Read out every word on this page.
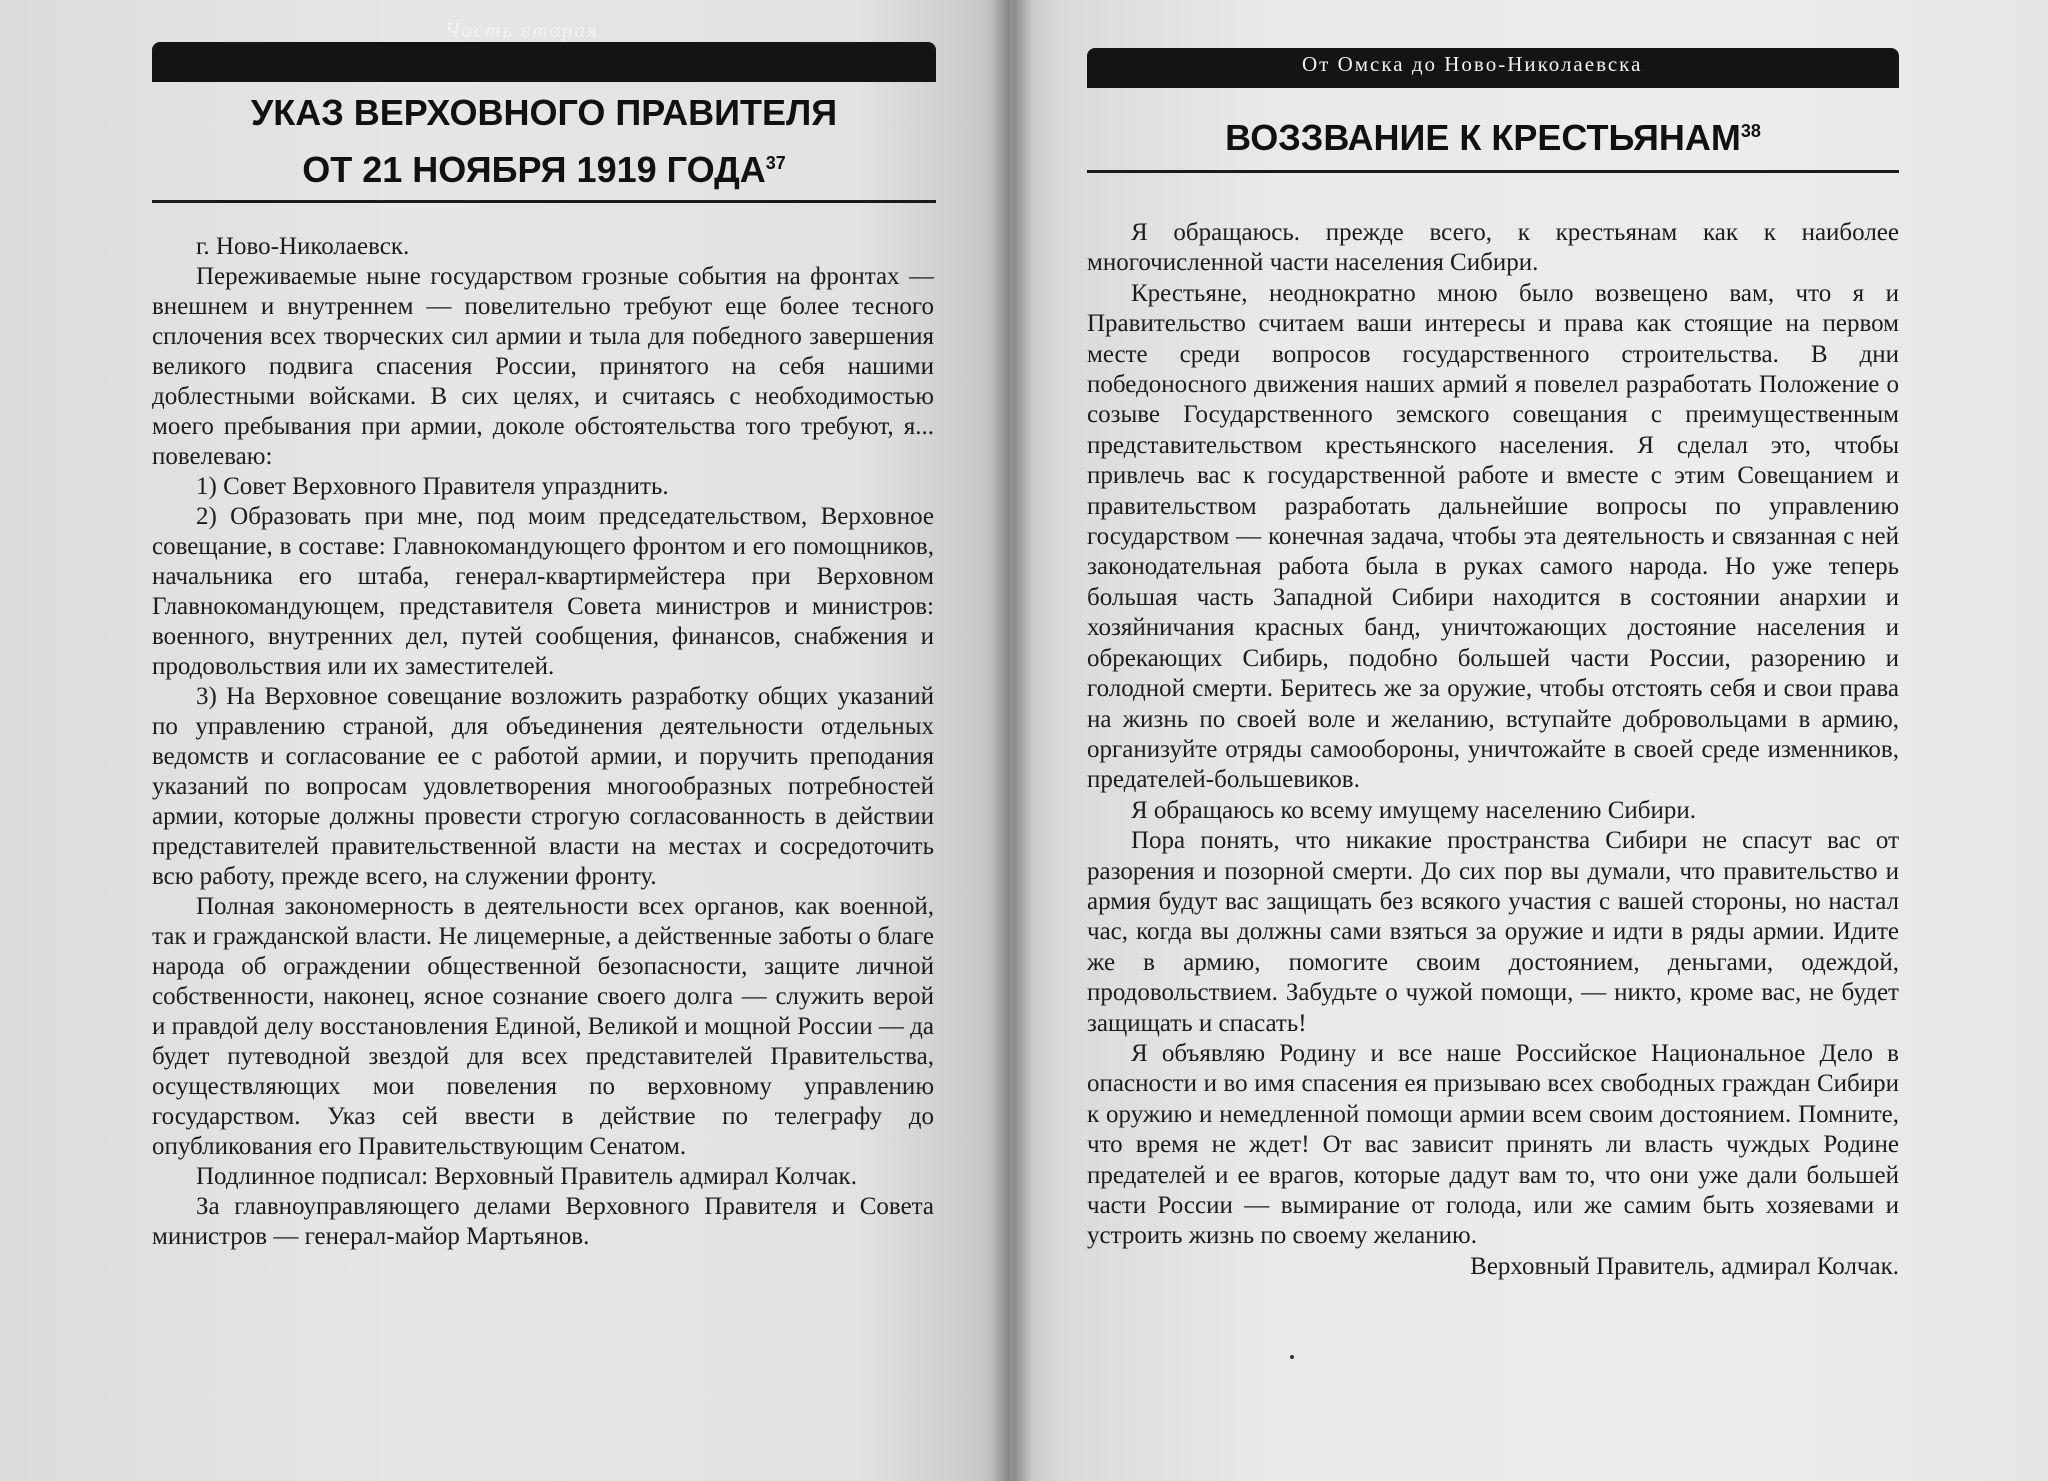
Часть вторая
УКАЗ ВЕРХОВНОГО ПРАВИТЕЛЯ
ОТ 21 НОЯБРЯ 1919 ГОДА$^{37}$

г. Ново-Николаевск.

Переживаемые ныне государством грозные события на фронтах — внешнем и внутреннем — повелительно требуют еще более тесного сплочения всех творческих сил армии и тыла для победного завершения великого подвига спасения России, принятого на себя нашими доблестными войсками. В сих целях, и считаясь с необходимостью моего пребывания при армии, доколе обстоятельства того требуют, я... повелеваю:

1) Совет Верховного Правителя упразднить.

2) Образовать при мне, под моим председательством, Верховное совещание, в составе: Главнокомандующего фронтом и его помощников, начальника его штаба, генерал-квартирмейстера при Верховном Главнокомандующем, представителя Совета министров и министров: военного, внутренних дел, путей сообщения, финансов, снабжения и продовольствия или их заместителей.

3) На Верховное совещание возложить разработку общих указаний по управлению страной, для объединения деятельности отдельных ведомств и согласование ее с работой армии, и поручить преподания указаний по вопросам удовлетворения многообразных потребностей армии, которые должны провести строгую согласованность в действии представителей правительственной власти на местах и сосредоточить всю работу, прежде всего, на служении фронту.

Полная закономерность в деятельности всех органов, как военной, так и гражданской власти. Не лицемерные, а действенные заботы о благе народа об ограждении общественной безопасности, защите личной собственности, наконец, ясное сознание своего долга — служить верой и правдой делу восстановления Единой, Великой и мощной России — да будет путеводной звездой для всех представителей Правительства, осуществляющих мои повеления по верховному управлению государством. Указ сей ввести в действие по телеграфу до опубликования его Правительствующим Сенатом.

Подлинное подписал: Верховный Правитель адмирал Колчак.

За главноуправляющего делами Верховного Правителя и Совета министров — генерал-майор Мартьянов.

От Омска до Ново-Николаевска
ВОЗЗВАНИЕ К КРЕСТЬЯНАМ$^{38}$

Я обращаюсь. прежде всего, к крестьянам как к наиболее многочисленной части населения Сибири.

Крестьяне, неоднократно мною было возвещено вам, что я и Правительство считаем ваши интересы и права как стоящие на первом месте среди вопросов государственного строительства. В дни победоносного движения наших армий я повелел разработать Положение о созыве Государственного земского совещания с преимущественным представительством крестьянского населения. Я сделал это, чтобы привлечь вас к государственной работе и вместе с этим Совещанием и правительством разработать дальнейшие вопросы по управлению государством — конечная задача, чтобы эта деятельность и связанная с ней законодательная работа была в руках самого народа. Но уже теперь большая часть Западной Сибири находится в состоянии анархии и хозяйничания красных банд, уничтожающих достояние населения и обрекающих Сибирь, подобно большей части России, разорению и голодной смерти. Беритесь же за оружие, чтобы отстоять себя и свои права на жизнь по своей воле и желанию, вступайте добровольцами в армию, организуйте отряды самообороны, уничтожайте в своей среде изменников, предателей-большевиков.

Я обращаюсь ко всему имущему населению Сибири.

Пора понять, что никакие пространства Сибири не спасут вас от разорения и позорной смерти. До сих пор вы думали, что правительство и армия будут вас защищать без всякого участия с вашей стороны, но настал час, когда вы должны сами взяться за оружие и идти в ряды армии. Идите же в армию, помогите своим достоянием, деньгами, одеждой, продовольствием. Забудьте о чужой помощи, — никто, кроме вас, не будет защищать и спасать!

Я объявляю Родину и все наше Российское Национальное Дело в опасности и во имя спасения ея призываю всех свободных граждан Сибири к оружию и немедленной помощи армии всем своим достоянием. Помните, что время не ждет! От вас зависит принять ли власть чуждых Родине предателей и ее врагов, которые дадут вам то, что они уже дали большей части России — вымирание от голода, или же самим быть хозяевами и устроить жизнь по своему желанию.

Верховный Правитель, адмирал Колчак.
